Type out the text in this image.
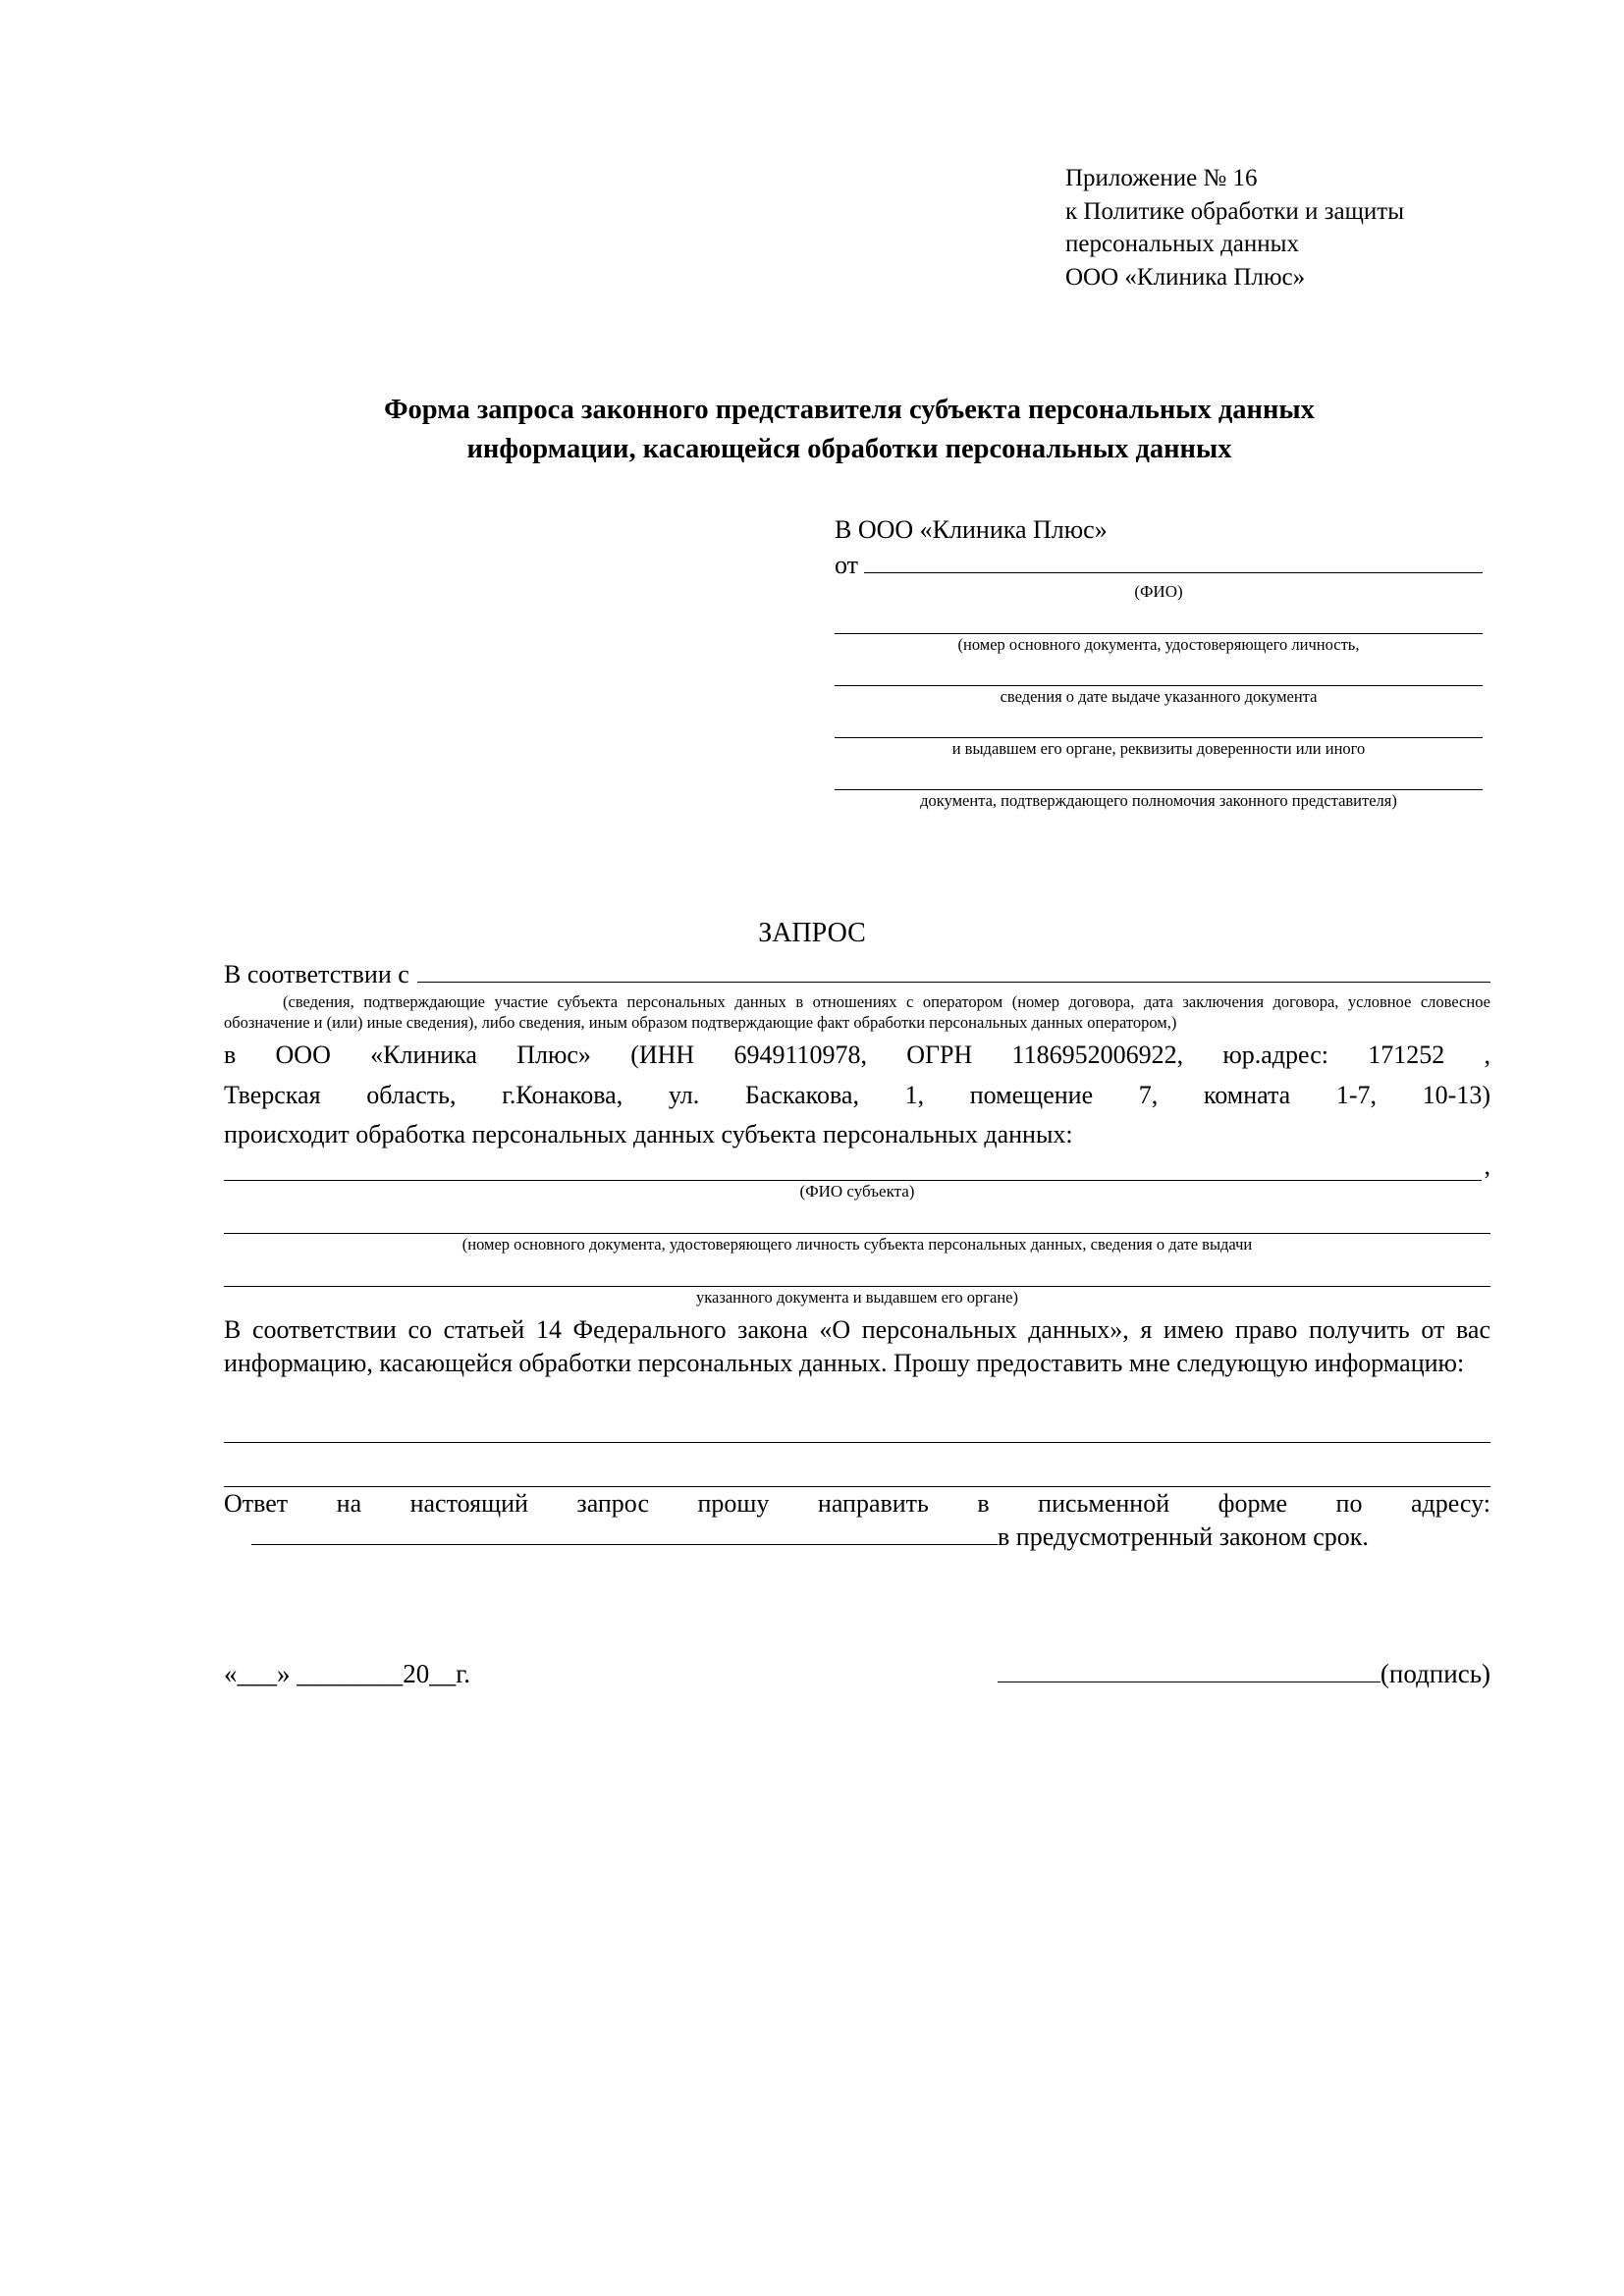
Приложение № 16
к Политике обработки и защиты
персональных данных
ООО «Клиника Плюс»
Форма запроса законного представителя субъекта персональных данных
информации, касающейся обработки персональных данных
В ООО «Клиника Плюс»
от
(ФИО)
(номер основного документа, удостоверяющего личность,
сведения о дате выдаче указанного документа
и выдавшем его органе, реквизиты доверенности или иного
документа, подтверждающего полномочия законного представителя)
ЗАПРОС
В соответствии с
(сведения, подтверждающие участие субъекта персональных данных в отношениях с оператором (номер договора, дата заключения договора, условное словесное обозначение и (или) иные сведения), либо сведения, иным образом подтверждающие факт обработки персональных данных оператором,)
в ООО «Клиника Плюс» (ИНН 6949110978, ОГРН 1186952006922, юр.адрес: 171252 ,
Тверская область, г.Конакова, ул. Баскакова, 1, помещение 7, комната 1-7, 10-13)
происходит обработка персональных данных субъекта персональных данных:
,
(ФИО субъекта)
(номер основного документа, удостоверяющего личность субъекта персональных данных, сведения о дате выдачи
указанного документа и выдавшем его органе)
В соответствии со статьей 14 Федерального закона «О персональных данных», я имею право получить от вас информацию, касающейся обработки персональных данных. Прошу предоставить мне следующую информацию:
Ответ на настоящий запрос прошу направить в письменной форме по адресу:
в предусмотренный законом срок.
«___» ________20__г.	(подпись)
